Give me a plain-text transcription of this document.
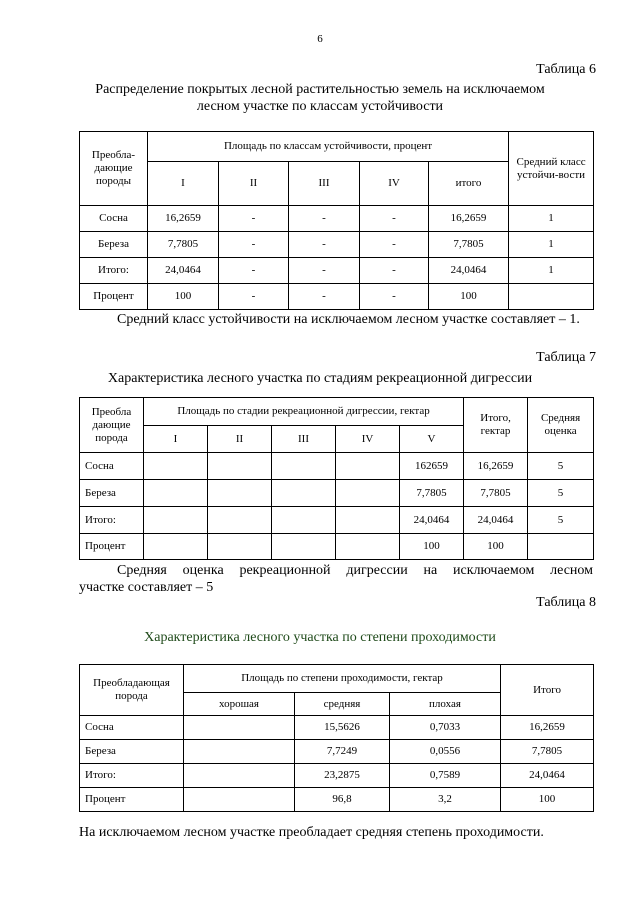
6
Таблица 6
Распределение покрытых лесной растительностью земель на исключаемом
лесном участке по классам устойчивости
Преобла-дающие породы	Площадь по классам устойчивости, процент					Средний класс устойчи-вости
	I	II	III	IV	итого	
Сосна	16,2659	-	-	-	16,2659	1
Береза	7,7805	-	-	-	7,7805	1
Итого:	24,0464	-	-	-	24,0464	1
Процент	100	-	-	-	100	
Средний класс устойчивости на исключаемом лесном участке составляет – 1.
Таблица 7
Характеристика лесного участка по стадиям рекреационной дигрессии
Преобла дающие порода	Площадь по стадии рекреационной дигрессии, гектар					Итого, гектар	Средняя оценка
	I	II	III	IV	V		
Сосна					162659	16,2659	5
Береза					7,7805	7,7805	5
Итого:					24,0464	24,0464	5
Процент					100	100	
Средняя оценка рекреационной дигрессии на исключаемом лесном
участке составляет – 5
Таблица 8
Характеристика лесного участка по степени проходимости
Преобладающая порода	Площадь по степени проходимости, гектар			Итого
	хорошая	средняя	плохая	
Сосна		15,5626	0,7033	16,2659
Береза		7,7249	0,0556	7,7805
Итого:		23,2875	0,7589	24,0464
Процент		96,8	3,2	100
На исключаемом лесном участке преобладает средняя степень проходимости.
